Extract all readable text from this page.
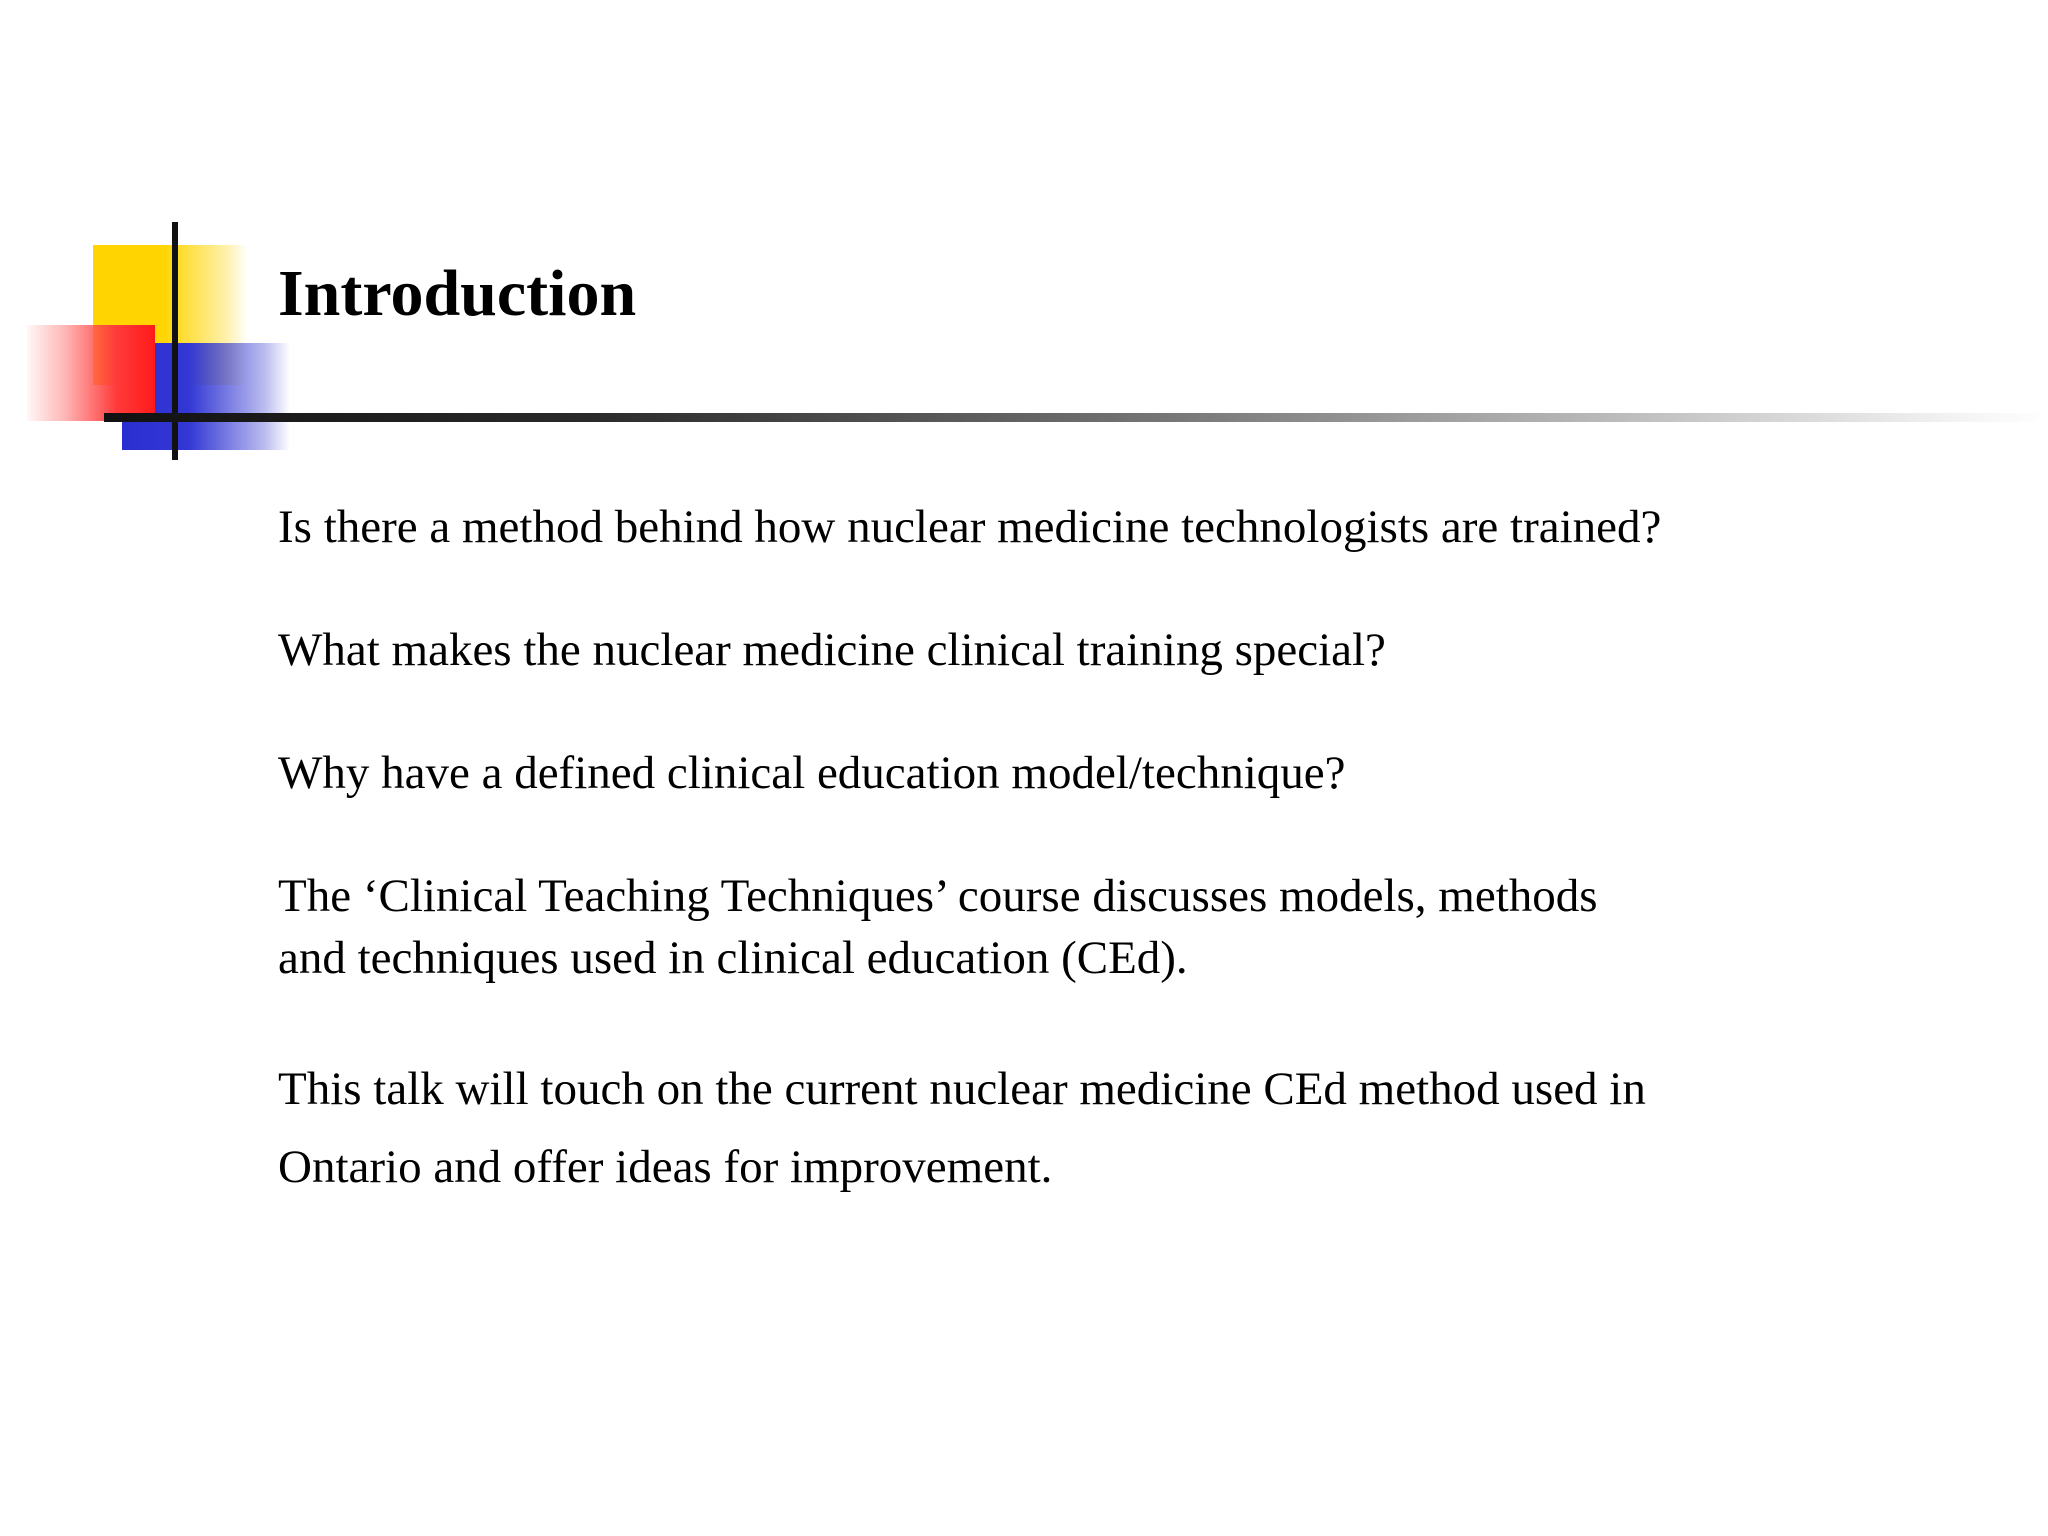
Introduction

Is there a method behind how nuclear medicine technologists are trained?

What makes the nuclear medicine clinical training special?

Why have a defined clinical education model/technique?

The ‘Clinical Teaching Techniques’ course discusses models, methods
and techniques used in clinical education (CEd).

This talk will touch on the current nuclear medicine CEd method used in
Ontario and offer ideas for improvement.
